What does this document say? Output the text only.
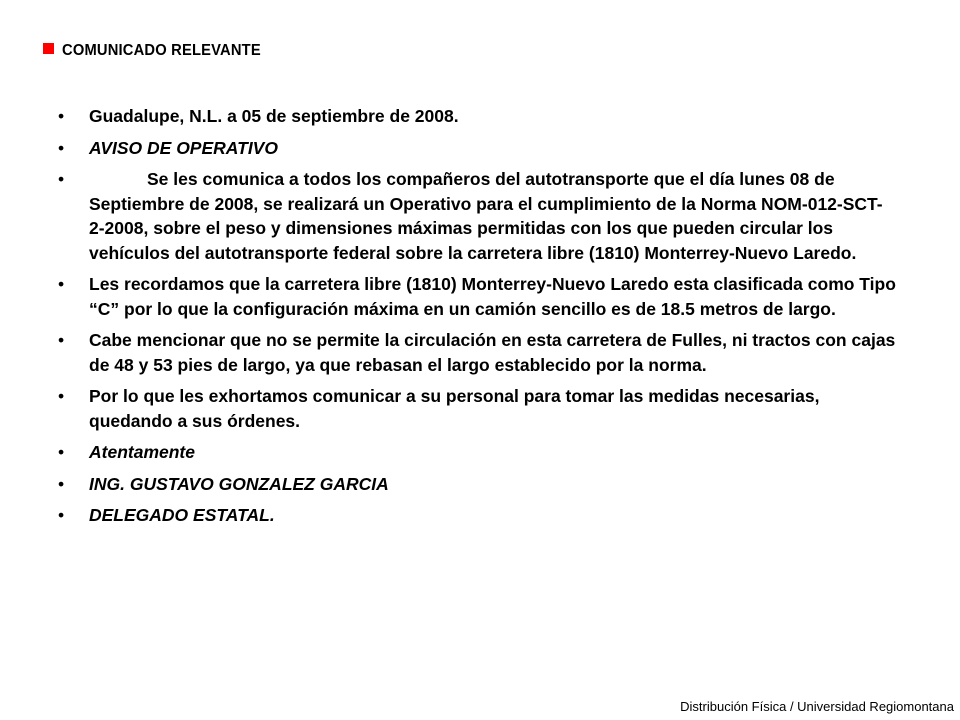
COMUNICADO RELEVANTE
• Guadalupe, N.L. a 05 de septiembre de 2008.
• AVISO DE OPERATIVO
•	Se les comunica a todos los compañeros del autotransporte que el día lunes 08 de Septiembre de 2008, se realizará un Operativo para el cumplimiento de la Norma NOM-012-SCT-2-2008, sobre el peso y dimensiones máximas permitidas con los que pueden circular los vehículos del autotransporte federal sobre la carretera libre (1810) Monterrey-Nuevo Laredo.
• Les recordamos que la carretera libre (1810) Monterrey-Nuevo Laredo esta clasificada como Tipo “C” por lo que la configuración máxima en un camión sencillo es de 18.5 metros de largo.
• Cabe mencionar que no se permite la circulación en esta carretera de Fulles, ni tractos con cajas de 48 y 53 pies de largo, ya que rebasan el largo establecido por la norma.
• Por lo que les exhortamos comunicar a su personal para tomar las medidas necesarias, quedando a sus órdenes.
• Atentamente
• ING. GUSTAVO GONZALEZ GARCIA
• DELEGADO ESTATAL.
Distribución Física / Universidad Regiomontana
